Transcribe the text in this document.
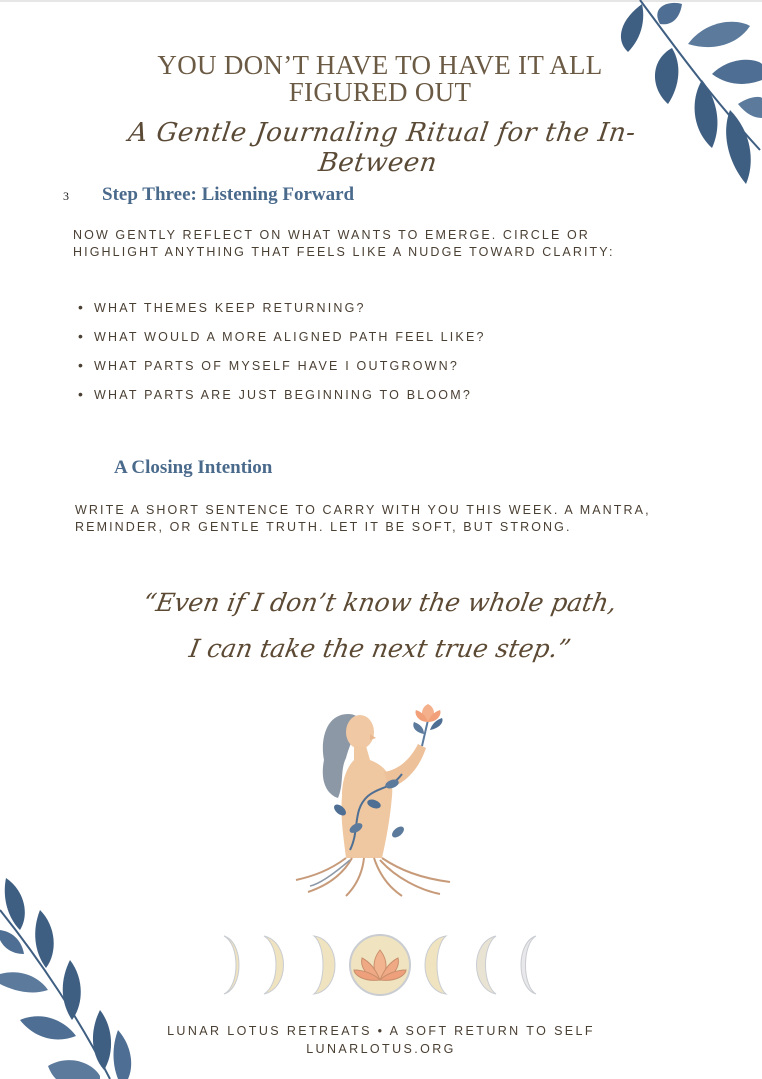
YOU DON’T HAVE TO HAVE IT ALL
FIGURED OUT
A Gentle Journaling Ritual for the In-Between
3 Step Three: Listening Forward
NOW GENTLY REFLECT ON WHAT WANTS TO EMERGE. CIRCLE OR
HIGHLIGHT ANYTHING THAT FEELS LIKE A NUDGE TOWARD CLARITY:
• WHAT THEMES KEEP RETURNING?
• WHAT WOULD A MORE ALIGNED PATH FEEL LIKE?
• WHAT PARTS OF MYSELF HAVE I OUTGROWN?
• WHAT PARTS ARE JUST BEGINNING TO BLOOM?
A Closing Intention
WRITE A SHORT SENTENCE TO CARRY WITH YOU THIS WEEK. A MANTRA,
REMINDER, OR GENTLE TRUTH. LET IT BE SOFT, BUT STRONG.
“Even if I don’t know the whole path,
I can take the next true step.”
LUNAR LOTUS RETREATS • A SOFT RETURN TO SELF
LUNARLOTUS.ORG
